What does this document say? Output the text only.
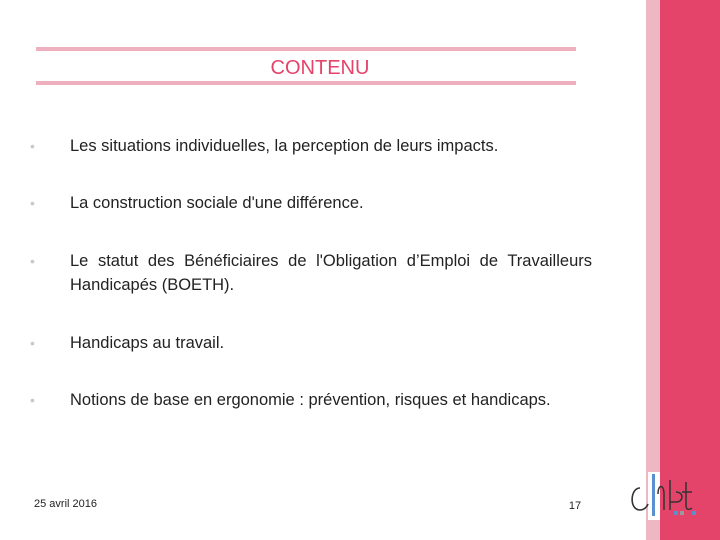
CONTENU
•	Les situations individuelles, la perception de leurs impacts.
•	La construction sociale d'une différence.
•	Le statut des Bénéficiaires de l'Obligation d’Emploi de Travailleurs Handicapés (BOETH).
•	Handicaps au travail.
•	Notions de base en ergonomie : prévention, risques et handicaps.
25 avril 2016	17
